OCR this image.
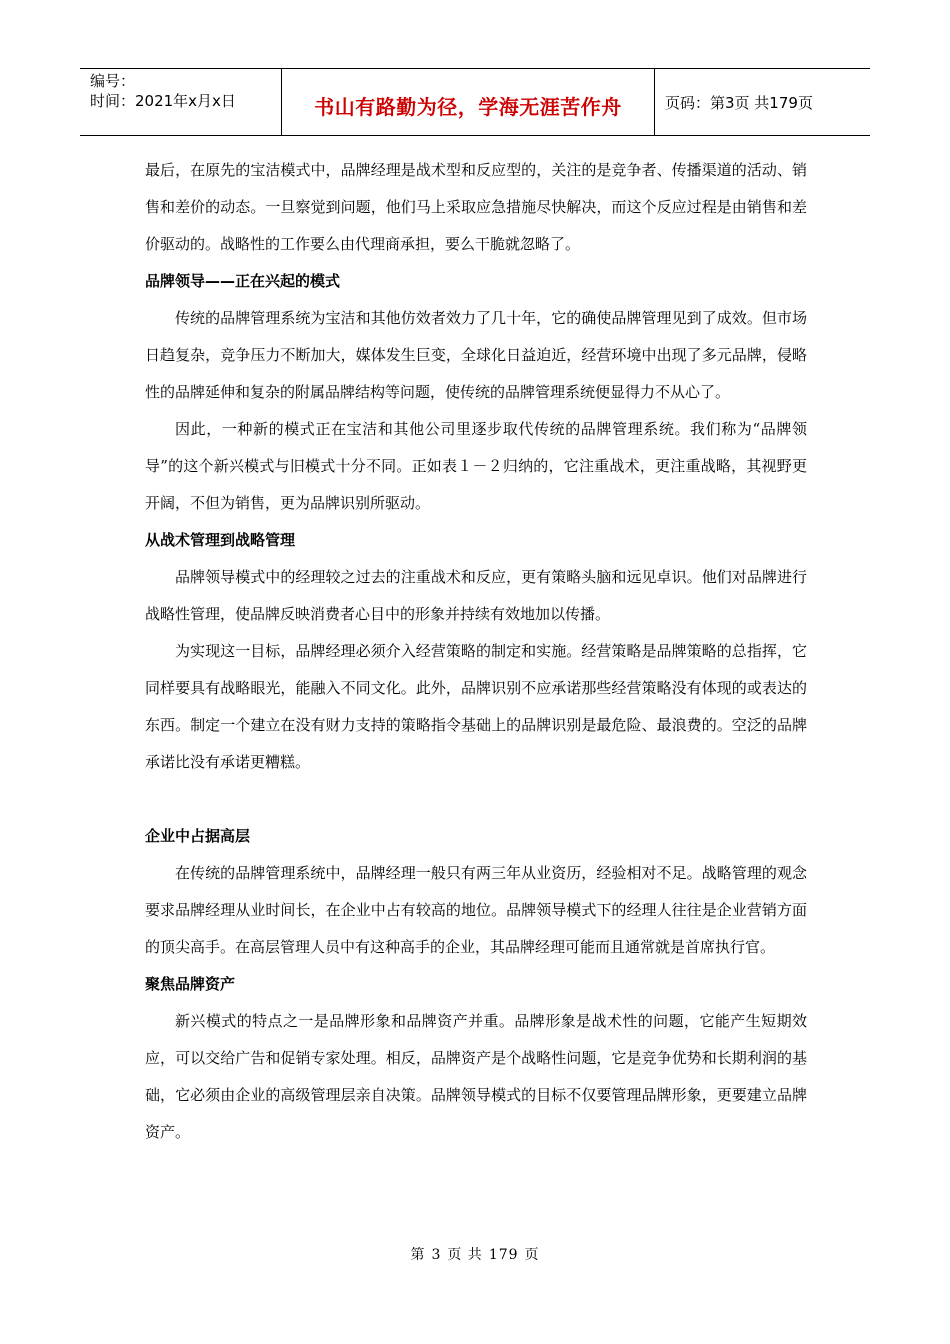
编号：
时间：2021年x月x日	书山有路勤为径，学海无涯苦作舟	页码：第3页 共179页

最后，在原先的宝洁模式中，品牌经理是战术型和反应型的，关注的是竞争者、传播渠道的活动、销售和差价的动态。一旦察觉到问题，他们马上采取应急措施尽快解决，而这个反应过程是由销售和差价驱动的。战略性的工作要么由代理商承担，要么干脆就忽略了。

品牌领导——正在兴起的模式

传统的品牌管理系统为宝洁和其他仿效者效力了几十年，它的确使品牌管理见到了成效。但市场日趋复杂，竞争压力不断加大，媒体发生巨变，全球化日益迫近，经营环境中出现了多元品牌，侵略性的品牌延伸和复杂的附属品牌结构等问题，使传统的品牌管理系统便显得力不从心了。

因此，一种新的模式正在宝洁和其他公司里逐步取代传统的品牌管理系统。我们称为“品牌领导”的这个新兴模式与旧模式十分不同。正如表１－２归纳的，它注重战术，更注重战略，其视野更开阔，不但为销售，更为品牌识别所驱动。

从战术管理到战略管理

品牌领导模式中的经理较之过去的注重战术和反应，更有策略头脑和远见卓识。他们对品牌进行战略性管理，使品牌反映消费者心目中的形象并持续有效地加以传播。

为实现这一目标，品牌经理必须介入经营策略的制定和实施。经营策略是品牌策略的总指挥，它同样要具有战略眼光，能融入不同文化。此外，品牌识别不应承诺那些经营策略没有体现的或表达的东西。制定一个建立在没有财力支持的策略指令基础上的品牌识别是最危险、最浪费的。空泛的品牌承诺比没有承诺更糟糕。

企业中占据高层

在传统的品牌管理系统中，品牌经理一般只有两三年从业资历，经验相对不足。战略管理的观念要求品牌经理从业时间长，在企业中占有较高的地位。品牌领导模式下的经理人往往是企业营销方面的顶尖高手。在高层管理人员中有这种高手的企业，其品牌经理可能而且通常就是首席执行官。

聚焦品牌资产

新兴模式的特点之一是品牌形象和品牌资产并重。品牌形象是战术性的问题，它能产生短期效应，可以交给广告和促销专家处理。相反，品牌资产是个战略性问题，它是竞争优势和长期利润的基础，它必须由企业的高级管理层亲自决策。品牌领导模式的目标不仅要管理品牌形象，更要建立品牌资产。

第 3 页 共 179 页
